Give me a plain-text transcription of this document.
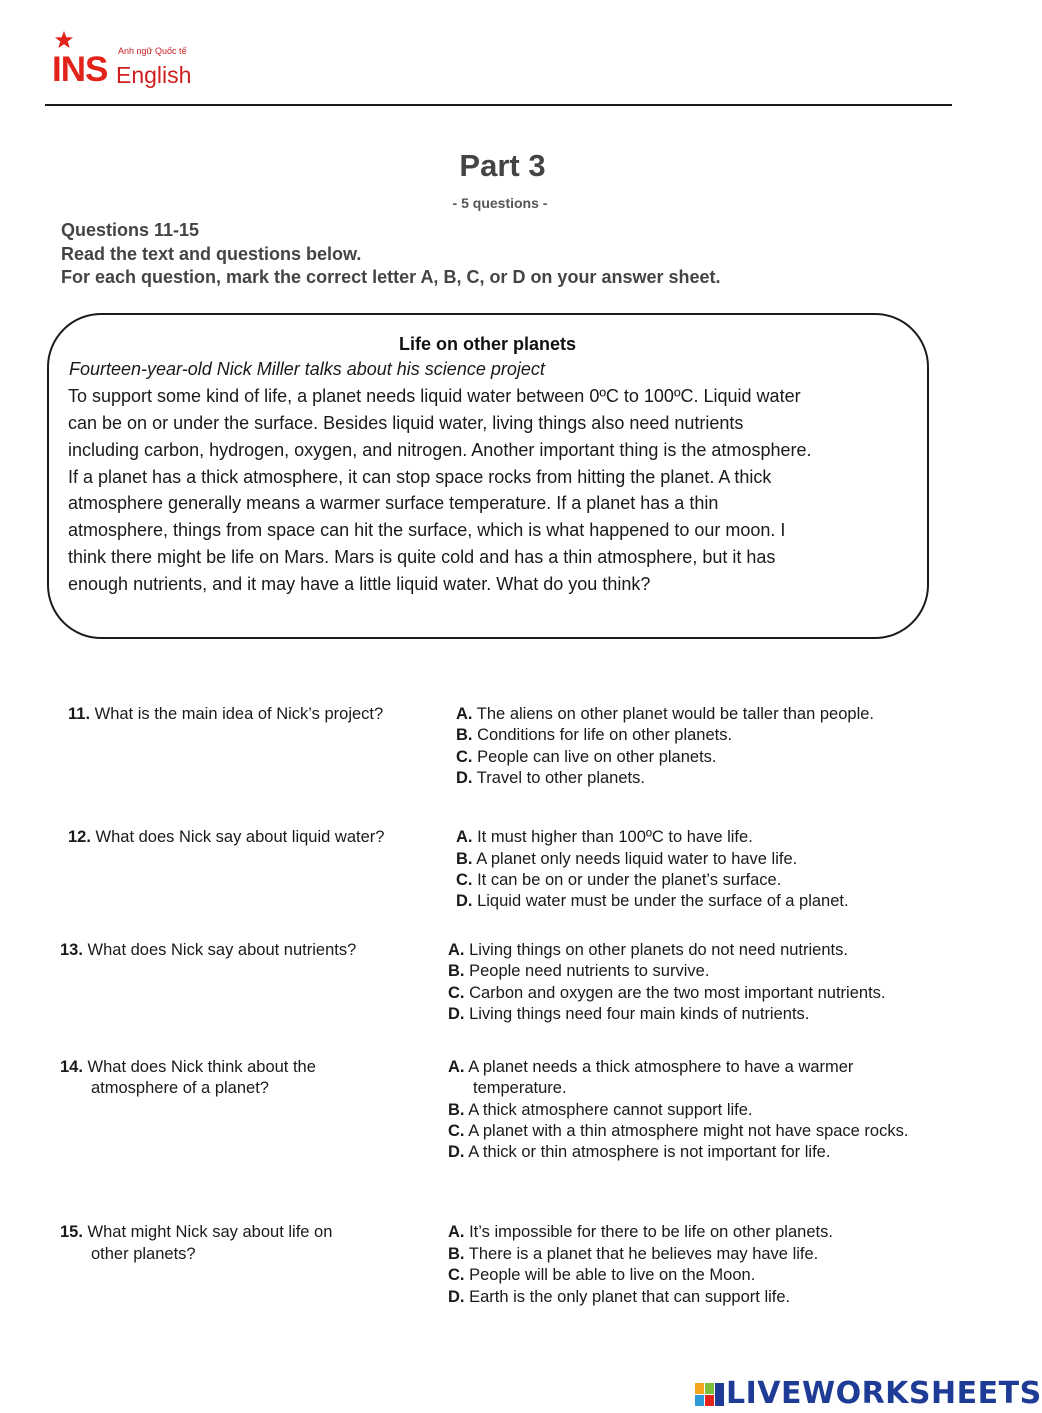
Anh ngữ Quốc tế
INS English
Part 3
- 5 questions -
Questions 11-15
Read the text and questions below.
For each question, mark the correct letter A, B, C, or D on your answer sheet.
Life on other planets
Fourteen-year-old Nick Miller talks about his science project
To support some kind of life, a planet needs liquid water between 0ºC to 100ºC. Liquid water
can be on or under the surface. Besides liquid water, living things also need nutrients
including carbon, hydrogen, oxygen, and nitrogen. Another important thing is the atmosphere.
If a planet has a thick atmosphere, it can stop space rocks from hitting the planet. A thick
atmosphere generally means a warmer surface temperature. If a planet has a thin
atmosphere, things from space can hit the surface, which is what happened to our moon. I
think there might be life on Mars. Mars is quite cold and has a thin atmosphere, but it has
enough nutrients, and it may have a little liquid water. What do you think?
11. What is the main idea of Nick’s project?	A. The aliens on other planet would be taller than people.
B. Conditions for life on other planets.
C. People can live on other planets.
D. Travel to other planets.
12. What does Nick say about liquid water?	A. It must higher than 100ºC to have life.
B. A planet only needs liquid water to have life.
C. It can be on or under the planet’s surface.
D. Liquid water must be under the surface of a planet.
13. What does Nick say about nutrients?	A. Living things on other planets do not need nutrients.
B. People need nutrients to survive.
C. Carbon and oxygen are the two most important nutrients.
D. Living things need four main kinds of nutrients.
14. What does Nick think about the
atmosphere of a planet?
A. A planet needs a thick atmosphere to have a warmer
temperature.
B. A thick atmosphere cannot support life.
C. A planet with a thin atmosphere might not have space rocks.
D. A thick or thin atmosphere is not important for life.
15. What might Nick say about life on
other planets?
A. It’s impossible for there to be life on other planets.
B. There is a planet that he believes may have life.
C. People will be able to live on the Moon.
D. Earth is the only planet that can support life.
LIVEWORKSHEETS
